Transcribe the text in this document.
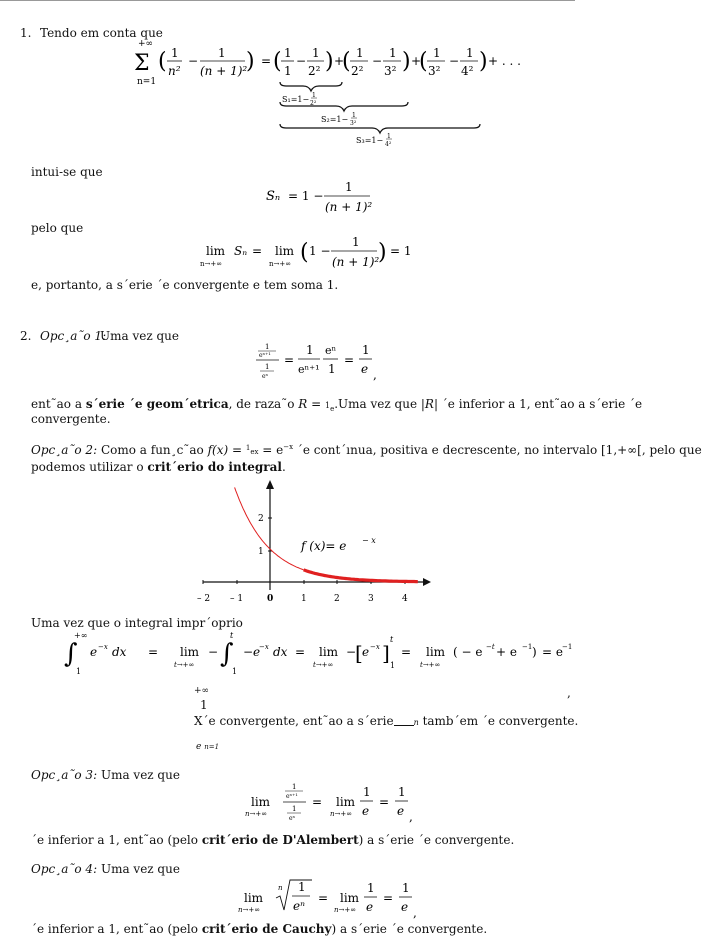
1. Tendo em conta que
+∞
Σ
n=1
( 1
n²
−
1
(n + 1)²
) = ( 1
1
−
1
2² ) +
( 1
2²
−
1
3² ) +
( 1
3²
−
1
4² ) + . . .
S₁=1− 1
2²
S₂=1− 1
3²
S₃=1− 1
4²
intui-se que
Sₙ = 1 −
1
(n + 1)²
pelo que
lim
n→+∞
Sₙ = lim
n→+∞ ( 1 −
1
(n + 1)²
) = 1
e, portanto, a s´erie ´e convergente e tem soma 1.
2. Opc¸a˜o 1:
Uma vez que
1
eⁿ⁺¹
1
eⁿ
=
1
eⁿ⁺¹
eⁿ
1
=
1
e ,
ent˜ao a s´erie ´e geom´etrica, de raza˜o $R = 1_e.Uma$ vez que |R| ´e inferior a 1, ent˜ao a s´erie ´e
convergente.
Opc¸a˜o 2: Como a fun¸c˜ao $f(x) = ^1ex = e^{-x}$ ´e cont´ınua, positiva e decrescente, no intervalo [1,+∞[, pelo que
podemos utilizar o crit´erio do integral.
– 2 – 1	0	1	2	3	4
1
2
f (x)= e − x
Uma vez que o integral impr´oprio
+∞
∫
1
e −x dx = lim
t→+∞
−
t
∫
1
−e
−x dx = lim
t→+∞
−
[ e −x ]
t
1
= lim
t→+∞
( − e −t + e −1 ) = e −1
+∞	,
1
X´e convergente, ent˜ao a s´erie	n tamb´em ´e convergente.
e n=1
Opc¸a˜o 3: Uma vez que
lim
n→+∞
1
eⁿ⁺¹
1
eⁿ
= lim
n→+∞
1
e
=
1
e ,
´e inferior a 1, ent˜ao (pelo crit´erio de D'Alembert) a s´erie ´e convergente.
Opc¸a˜o 4: Uma vez que
lim
n→+∞
n 1
eⁿ
= lim
n→+∞
1
e
=
1
e ,
´e inferior a 1, ent˜ao (pelo crit´erio de Cauchy) a s´erie ´e convergente.
